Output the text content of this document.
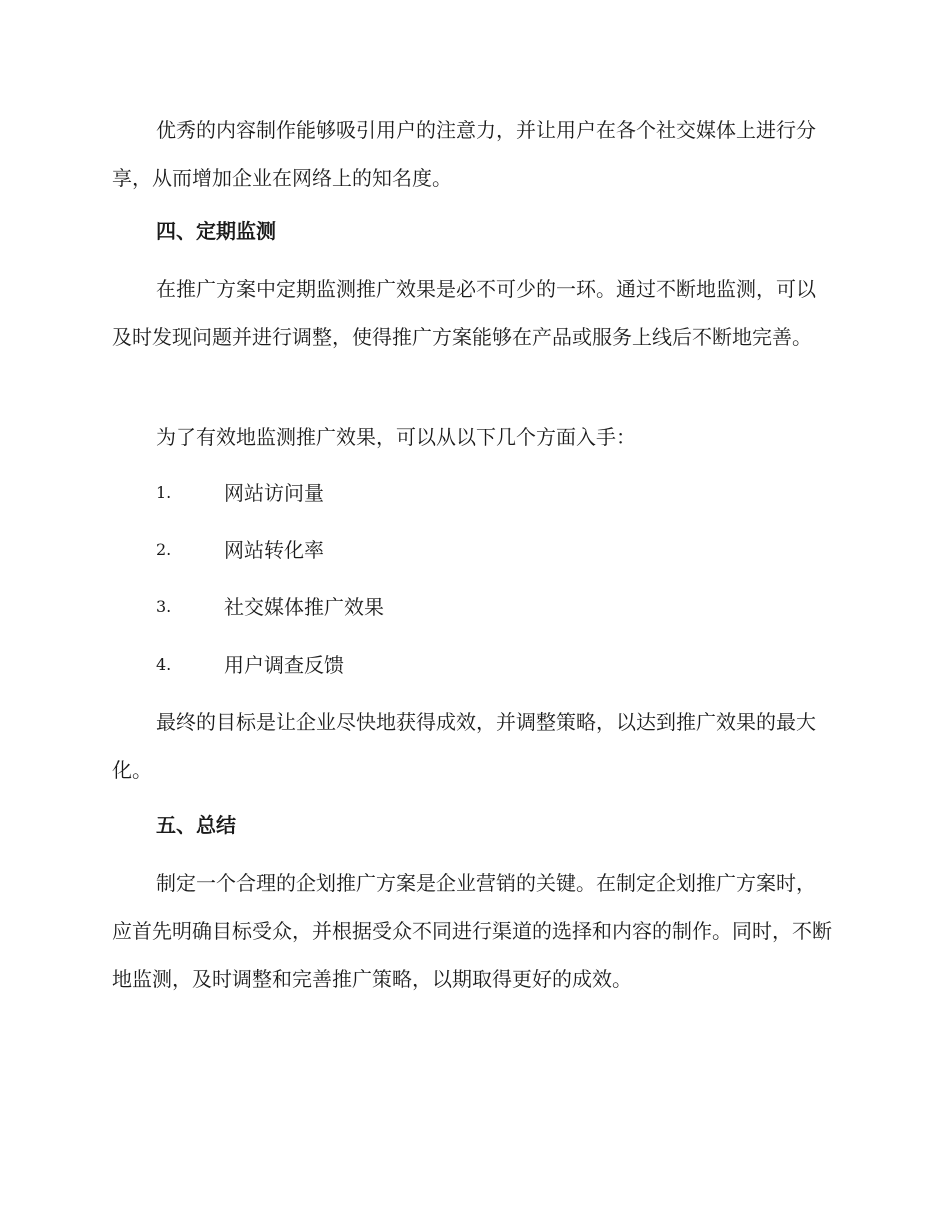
优秀的内容制作能够吸引用户的注意力，并让用户在各个社交媒体上进行分享，从而增加企业在网络上的知名度。

四、定期监测

在推广方案中定期监测推广效果是必不可少的一环。通过不断地监测，可以及时发现问题并进行调整，使得推广方案能够在产品或服务上线后不断地完善。

为了有效地监测推广效果，可以从以下几个方面入手：

1.	网站访问量
2.	网站转化率
3.	社交媒体推广效果
4.	用户调查反馈

最终的目标是让企业尽快地获得成效，并调整策略，以达到推广效果的最大化。

五、总结

制定一个合理的企划推广方案是企业营销的关键。在制定企划推广方案时，应首先明确目标受众，并根据受众不同进行渠道的选择和内容的制作。同时，不断地监测，及时调整和完善推广策略，以期取得更好的成效。
